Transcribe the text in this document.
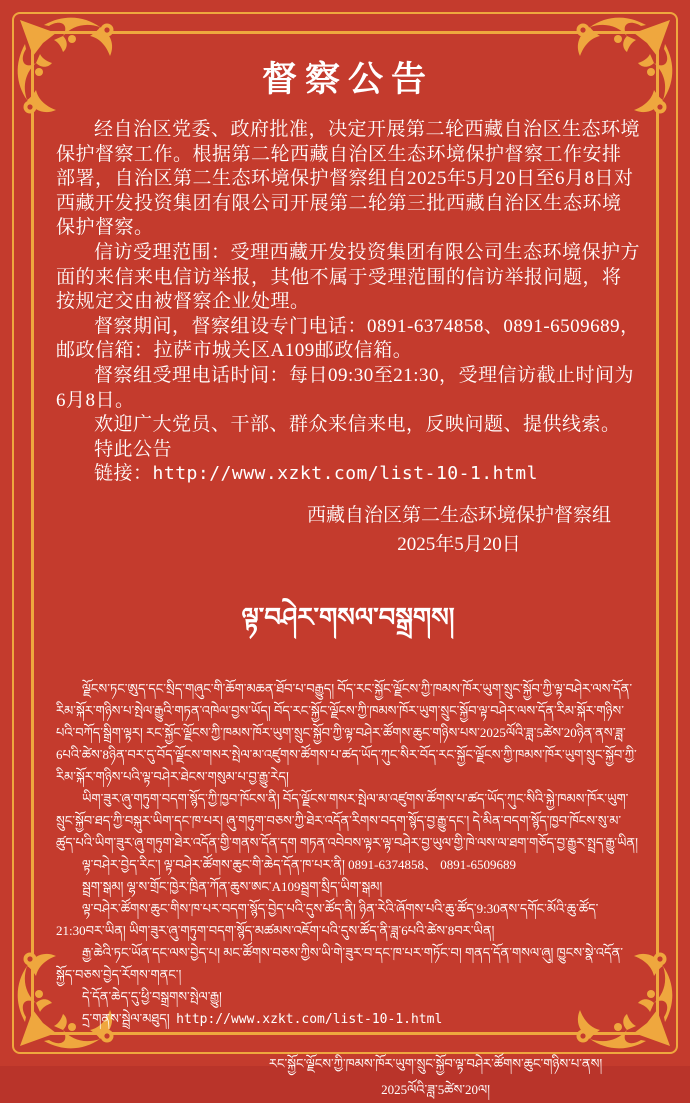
督察公告

经自治区党委、政府批准，决定开展第二轮西藏自治区生态环境保护督察工作。根据第二轮西藏自治区生态环境保护督察工作安排部署，自治区第二生态环境保护督察组自2025年5月20日至6月8日对西藏开发投资集团有限公司开展第二轮第三批西藏自治区生态环境保护督察。

信访受理范围：受理西藏开发投资集团有限公司生态环境保护方面的来信来电信访举报，其他不属于受理范围的信访举报问题，将按规定交由被督察企业处理。

督察期间，督察组设专门电话：0891-6374858、0891-6509689，邮政信箱：拉萨市城关区A109邮政信箱。

督察组受理电话时间：每日09:30至21:30，受理信访截止时间为6月8日。

欢迎广大党员、干部、群众来信来电，反映问题、提供线索。

特此公告

链接：http://www.xzkt.com/list-10-1.html

西藏自治区第二生态环境保护督察组
2025年5月20日
ལྟ་བཤེར་གསལ་བསྒྲགས།

ལྗོངས་ཏང་ཨུད་དང་སྲིད་གཞུང་གི་ཆོག་མཆན་ཐོབ་པ་བརྒྱུད། བོད་རང་སྐྱོང་ལྗོངས་ཀྱི་ཁམས་ཁོར་ཡུག་སྲུང་སྐྱོབ་ཀྱི་ལྟ་བཤེར་ལས་དོན་རིམ་སྐོར་གཉིས་པ་སྤེལ་རྒྱུའི་གཏན་འཁེལ་བྱས་ཡོད། བོད་རང་སྐྱོང་ལྗོངས་ཀྱི་ཁམས་ཁོར་ཡུག་སྲུང་སྐྱོབ་ལྟ་བཤེར་ལས་དོན་རིམ་སྐོར་གཉིས་པའི་བཀོད་སྒྲིག་ལྟར། རང་སྐྱོང་ལྗོངས་ཀྱི་ཁམས་ཁོར་ཡུག་སྲུང་སྐྱོབ་ཀྱི་ལྟ་བཤེར་ཚོགས་ཆུང་གཉིས་པས་2025ལོའི་ཟླ་5ཚེས་20ཉིན་ནས་ཟླ་6པའི་ཚེས་8ཉིན་བར་དུ་བོད་ལྗོངས་གསར་སྤེལ་མ་འཛུགས་ཚོགས་པ་ཚད་ཡོད་ཀུང་སིར་བོད་རང་སྐྱོང་ལྗོངས་ཀྱི་ཁམས་ཁོར་ཡུག་སྲུང་སྐྱོབ་ཀྱི་རིམ་སྐོར་གཉིས་པའི་ལྟ་བཤེར་ཐེངས་གསུམ་པ་བྱ་རྒྱུ་རེད།

ཡིག་ཟུར་ཞུ་གཏུག་བདག་སྙོད་ཀྱི་ཁྱབ་ཁོངས་ནི། བོད་ལྗོངས་གསར་སྤེལ་མ་འཛུགས་ཚོགས་པ་ཚད་ཡོད་ཀུང་སིའི་སྐྱེ་ཁམས་ཁོར་ཡུག་སྲུང་སྐྱོབ་ཐད་ཀྱི་བསྐུར་ཡིག་དང་ཁ་པར། ཞུ་གཏུག་བཅས་ཀྱི་ཐེར་འདོན་རིགས་བདག་སྙོད་བྱ་རྒྱུ་དང་། དེ་མིན་བདག་སྙོད་ཁྱབ་ཁོངས་སུ་མ་ཚུད་པའི་ཡིག་ཟུར་ཞུ་གཏུག་ཐེར་འདོན་གྱི་གནས་དོན་དག གཏན་འབེབས་ལྟར་ལྟ་བཤེར་བྱ་ཡུལ་གྱི་ཁེ་ལས་ལ་ཐག་གཅོད་བྱ་རྒྱུར་སྤྲད་རྒྱུ་ཡིན།

ལྟ་བཤེར་བྱེད་རིང་། ལྟ་བཤེར་ཚོགས་ཆུང་གི་ཆེད་དོན་ཁ་པར་ནི། 0891-6374858、 0891-6509689

སྦྲག་སྒམ། ལྷ་ས་གྲོང་ཁྱེར་ཁྲིན་ཀོན་ཆུས་ཨང་A109སྦྲག་སྲིད་ཡིག་སྒམ།

ལྟ་བཤེར་ཚོགས་ཆུང་གིས་ཁ་པར་བདག་སྙོད་བྱེད་པའི་དུས་ཚོད་ནི། ཉིན་རེའི་ཞོགས་པའི་ཆུ་ཚོད་9:30ནས་དགོང་མོའི་ཆུ་ཚོད་21:30བར་ཡིན། ཡིག་ཟུར་ཞུ་གཏུག་བདག་སྙོད་མཚམས་འཇོག་པའི་དུས་ཚོད་ནི་ཟླ་6པའི་ཚེས་8བར་ཡིན།

རྒྱ་ཆེའི་ཏང་ཡོན་དང་ལས་བྱེད་པ། མང་ཚོགས་བཅས་ཀྱིས་ཡི་གེ་ཟུར་བ་དང་ཁ་པར་གཏོང་བ། གནད་དོན་གསལ་ཞུ། ཁྱུངས་སྣེ་འདོན་སྐྱོད་བཅས་བྱེད་རོགས་གནང་།

དེ་དོན་ཆེད་དུ་ཕྱི་བསྒྲགས་སྤེལ་རྒྱུ།

དྲ་གནས་སྦྲེལ་མཐུད། http://www.xzkt.com/list-10-1.html

རང་སྐྱོང་ལྗོངས་ཀྱི་ཁམས་ཁོར་ཡུག་སྲུང་སྐྱོབ་ལྟ་བཤེར་ཚོགས་ཆུང་གཉིས་པ་ནས།
2025ལོའི་ཟླ་5ཚེས་20ལ།
